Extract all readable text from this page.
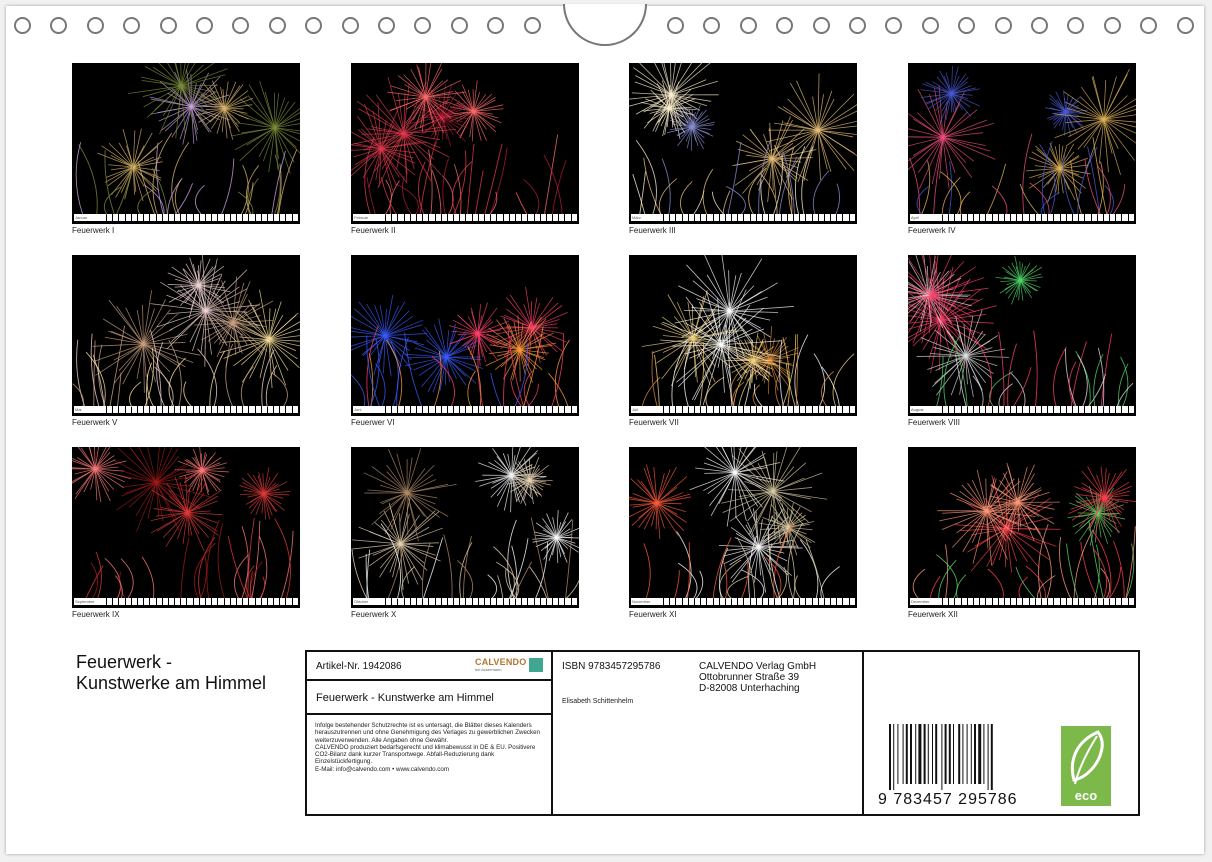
Januar
Feuerwerk I
Februar
Feuerwerk II
März
Feuerwerk III
April
Feuerwerk IV
Mai
Feuerwerk V
Juni
Feuerwer VI
Juli
Feuerwerk VII
August
Feuerwerk VIII
September
Feuerwerk IX
Oktober
Feuerwerk X
November
Feuerwerk XI
Dezember
Feuerwerk XII
Feuerwerk -
Kunstwerke am Himmel
Artikel-Nr. 1942086	CALVENDO
bei Ackermann
Feuerwerk - Kunstwerke am Himmel
Infolge bestehender Schutzrechte ist es untersagt, die Blätter dieses Kalenders herauszutrennen und ohne Genehmigung des Verlages zu gewerblichen Zwecken weiterzuverwenden. Alle Angaben ohne Gewähr.
CALVENDO produziert bedarfsgerecht und klimabewusst in DE & EU. Positivere CO2-Bilanz dank kurzer Transportwege. Abfall-Reduzierung dank Einzelstückfertigung.
E-Mail: info@calvendo.com • www.calvendo.com
ISBN 9783457295786
Elisabeth Schittenhelm
CALVENDO Verlag GmbH
Ottobrunner Straße 39
D-82008 Unterhaching
9 783457 295786	eco
